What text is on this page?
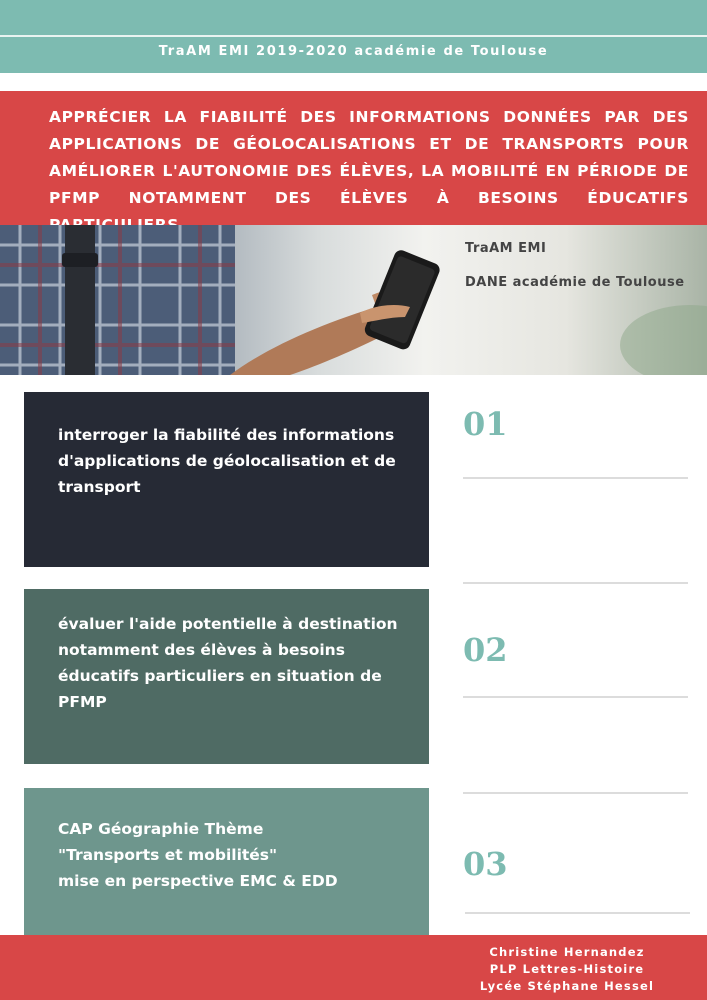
TraAM EMI 2019-2020 académie de Toulouse
APPRÉCIER LA FIABILITÉ DES INFORMATIONS DONNÉES PAR DES APPLICATIONS DE GÉOLOCALISATIONS ET DE TRANSPORTS POUR AMÉLIORER L'AUTONOMIE DES ÉLÈVES, LA MOBILITÉ EN PÉRIODE DE PFMP NOTAMMENT DES ÉLÈVES À BESOINS ÉDUCATIFS
TraAM EMI
DANE académie de Toulouse
interroger la fiabilité des informations
d'applications de géolocalisation et de transport
01
évaluer l'aide potentielle à destination notamment des élèves à besoins éducatifs particuliers en situation de PFMP
02
CAP Géographie Thème
"Transports et mobilités"
mise en perspective EMC & EDD	03
Christine Hernandez
PLP Lettres-Histoire
Lycée Stéphane Hessel
